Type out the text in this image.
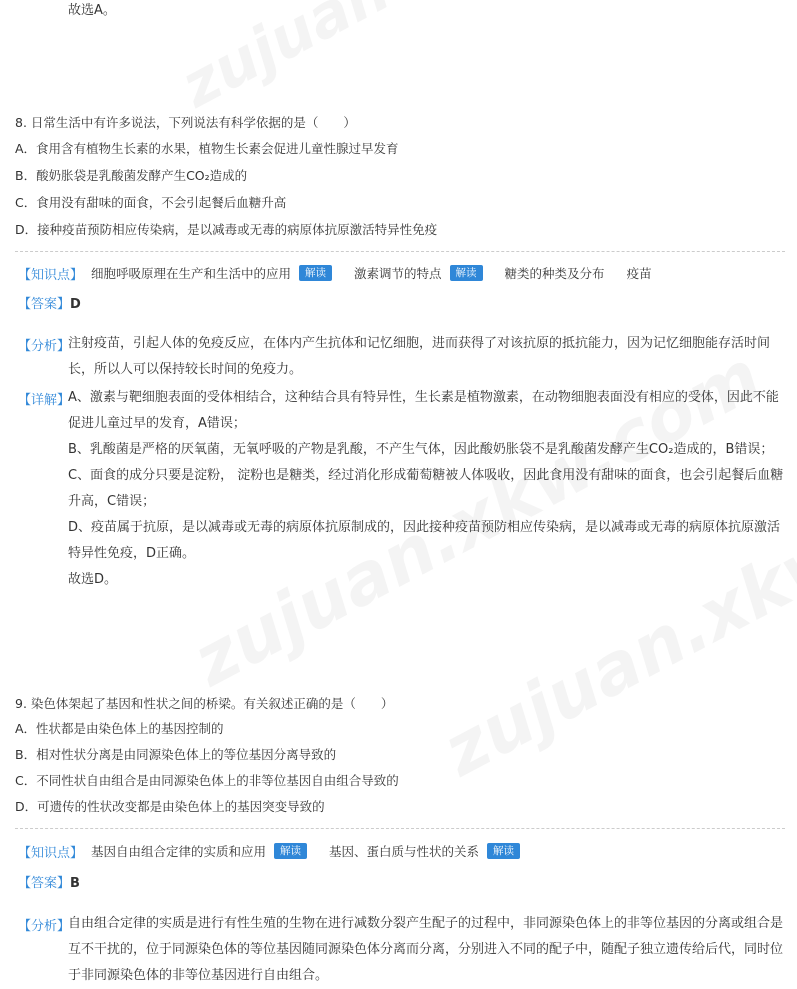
故选A。
8. 日常生活中有许多说法，下列说法有科学依据的是（　　）
A．食用含有植物生长素的水果，植物生长素会促进儿童性腺过早发育
B．酸奶胀袋是乳酸菌发酵产生CO₂造成的
C．食用没有甜味的面食，不会引起餐后血糖升高
D．接种疫苗预防相应传染病，是以减毒或无毒的病原体抗原激活特异性免疫
【知识点】 细胞呼吸原理在生产和生活中的应用	解读	激素调节的特点	解读	糖类的种类及分布 疫苗
【答案】D
【分析】
注射疫苗，引起人体的免疫反应，在体内产生抗体和记忆细胞，进而获得了对该抗原的抵抗能力，因为记忆细胞能存活时间
长，所以人可以保持较长时间的免疫力。
【详解】
A、激素与靶细胞表面的受体相结合，这种结合具有特异性，生长素是植物激素，在动物细胞表面没有相应的受体，因此不能
促进儿童过早的发育，A错误；
B、乳酸菌是严格的厌氧菌，无氧呼吸的产物是乳酸，不产生气体，因此酸奶胀袋不是乳酸菌发酵产生CO₂造成的，B错误；
C、面食的成分只要是淀粉， 淀粉也是糖类，经过消化形成葡萄糖被人体吸收，因此食用没有甜味的面食，也会引起餐后血糖
升高，C错误；
D、疫苗属于抗原，是以减毒或无毒的病原体抗原制成的，因此接种疫苗预防相应传染病，是以减毒或无毒的病原体抗原激活
特异性免疫，D正确。
故选D。
9. 染色体架起了基因和性状之间的桥梁。有关叙述正确的是（　　）
A．性状都是由染色体上的基因控制的
B．相对性状分离是由同源染色体上的等位基因分离导致的
C．不同性状自由组合是由同源染色体上的非等位基因自由组合导致的
D．可遗传的性状改变都是由染色体上的基因突变导致的
【知识点】 基因自由组合定律的实质和应用	解读	基因、蛋白质与性状的关系	解读
【答案】B
【分析】
自由组合定律的实质是进行有性生殖的生物在进行减数分裂产生配子的过程中，非同源染色体上的非等位基因的分离或组合是
互不干扰的，位于同源染色体的等位基因随同源染色体分离而分离，分别进入不同的配子中，随配子独立遗传给后代，同时位
于非同源染色体的非等位基因进行自由组合。
